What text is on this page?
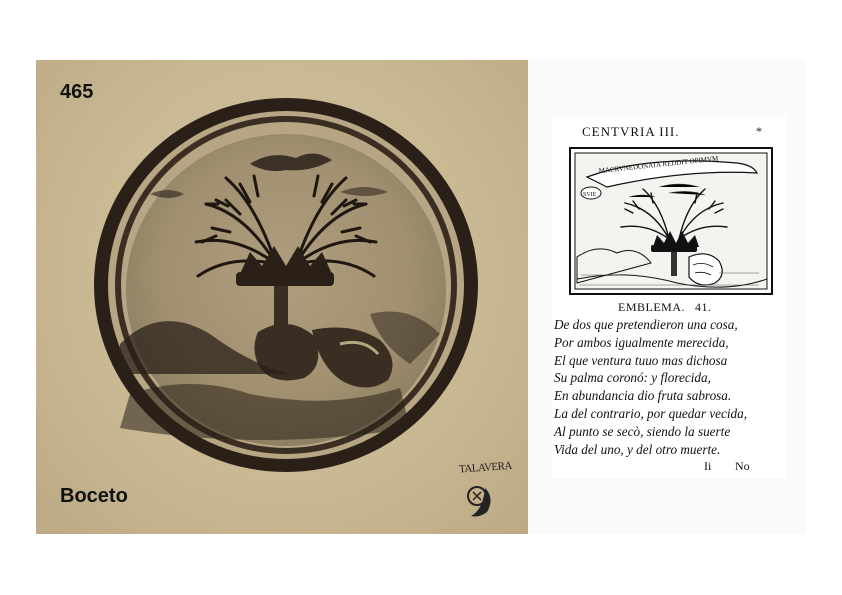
465
Boceto
TALAVERA
CENTVRIA III.	*
MACRVNEDONATA REDDIT OPIMVM
SVIE
EMBLEMA. 41.
De dos que pretendieron una cosa,
Por ambos igualmente merecida,
El que ventura tuuo mas dichosa
Su palma coronó: y florecida,
En abundancia dio fruta sabrosa.
La del contrario, por quedar vecida,
Al punto se secò, siendo la suerte
Vida del uno, y del otro muerte.
Ii No
